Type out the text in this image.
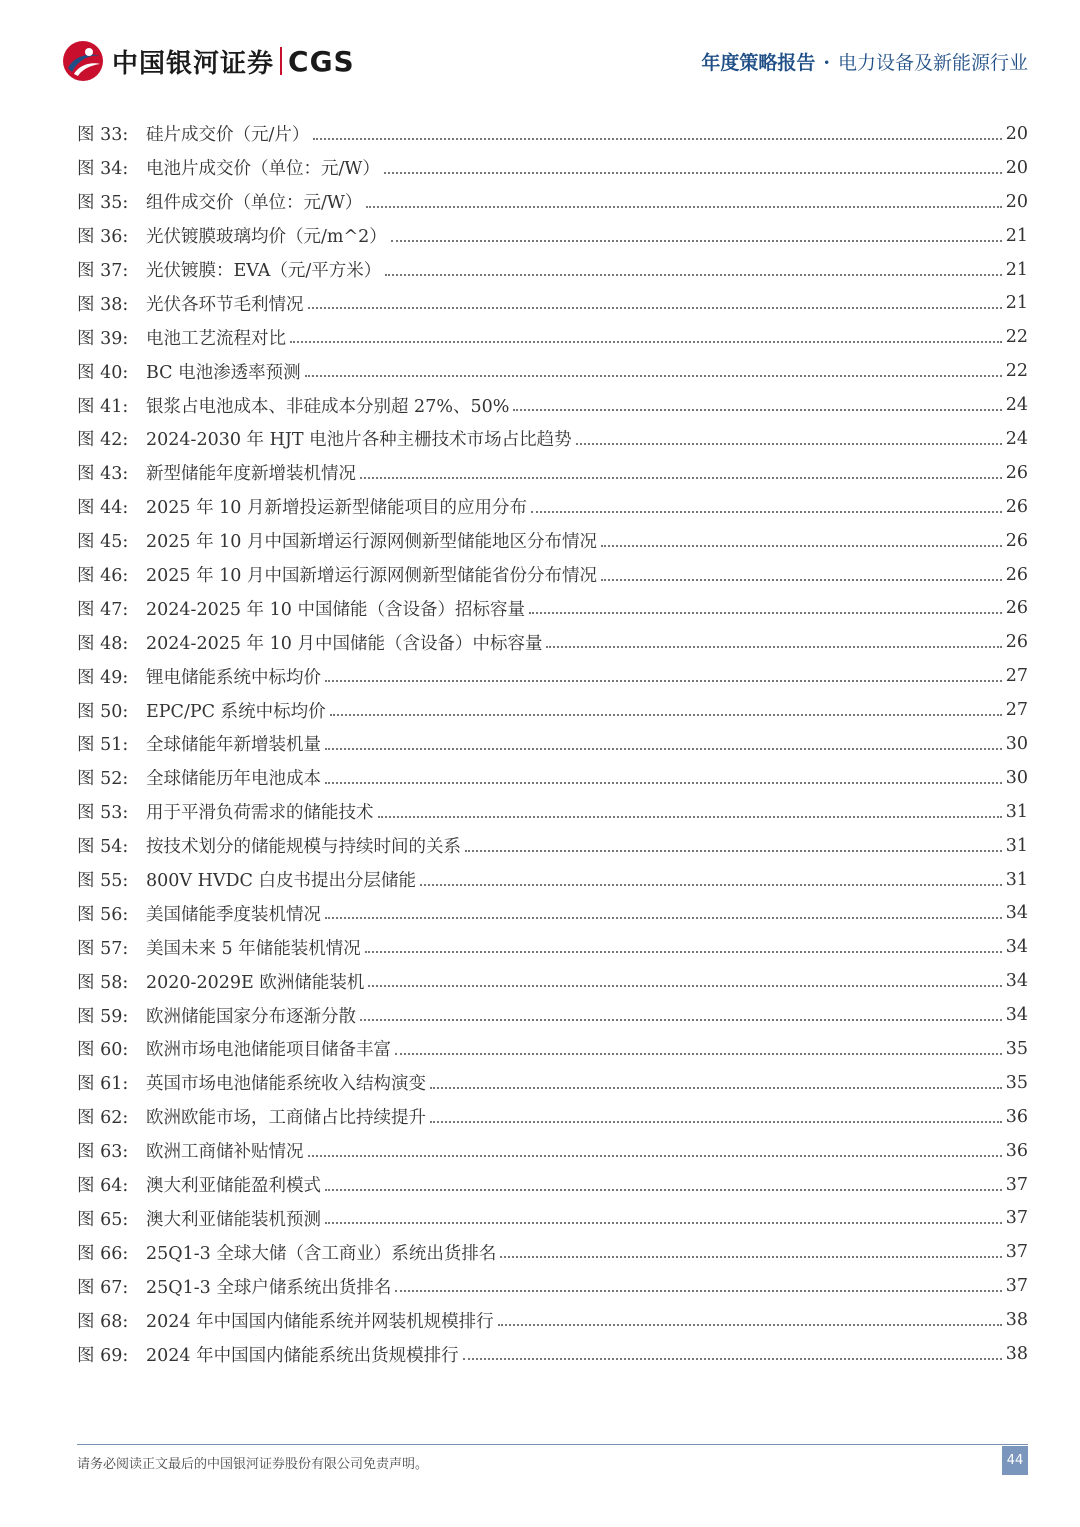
中国银河证券 CGS	年度策略报告 · 电力设备及新能源行业
图 33:	硅片成交价（元/片）	20
图 34:	电池片成交价（单位：元/W）	20
图 35:	组件成交价（单位：元/W）	20
图 36:	光伏镀膜玻璃均价（元/m^2）	21
图 37:	光伏镀膜：EVA（元/平方米）	21
图 38:	光伏各环节毛利情况	21
图 39:	电池工艺流程对比	22
图 40:	BC 电池渗透率预测	22
图 41:	银浆占电池成本、非硅成本分别超 27%、50%	24
图 42:	2024-2030 年 HJT 电池片各种主栅技术市场占比趋势	24
图 43:	新型储能年度新增装机情况	26
图 44:	2025 年 10 月新增投运新型储能项目的应用分布	26
图 45:	2025 年 10 月中国新增运行源网侧新型储能地区分布情况	26
图 46:	2025 年 10 月中国新增运行源网侧新型储能省份分布情况	26
图 47:	2024-2025 年 10 中国储能（含设备）招标容量	26
图 48:	2024-2025 年 10 月中国储能（含设备）中标容量	26
图 49:	锂电储能系统中标均价	27
图 50:	EPC/PC 系统中标均价	27
图 51:	全球储能年新增装机量	30
图 52:	全球储能历年电池成本	30
图 53:	用于平滑负荷需求的储能技术	31
图 54:	按技术划分的储能规模与持续时间的关系	31
图 55:	800V HVDC 白皮书提出分层储能	31
图 56:	美国储能季度装机情况	34
图 57:	美国未来 5 年储能装机情况	34
图 58:	2020-2029E 欧洲储能装机	34
图 59:	欧洲储能国家分布逐渐分散	34
图 60:	欧洲市场电池储能项目储备丰富	35
图 61:	英国市场电池储能系统收入结构演变	35
图 62:	欧洲欧能市场，工商储占比持续提升	36
图 63:	欧洲工商储补贴情况	36
图 64:	澳大利亚储能盈利模式	37
图 65:	澳大利亚储能装机预测	37
图 66:	25Q1-3 全球大储（含工商业）系统出货排名	37
图 67:	25Q1-3 全球户储系统出货排名	37
图 68:	2024 年中国国内储能系统并网装机规模排行	38
图 69:	2024 年中国国内储能系统出货规模排行	38
请务必阅读正文最后的中国银河证券股份有限公司免责声明。	44
